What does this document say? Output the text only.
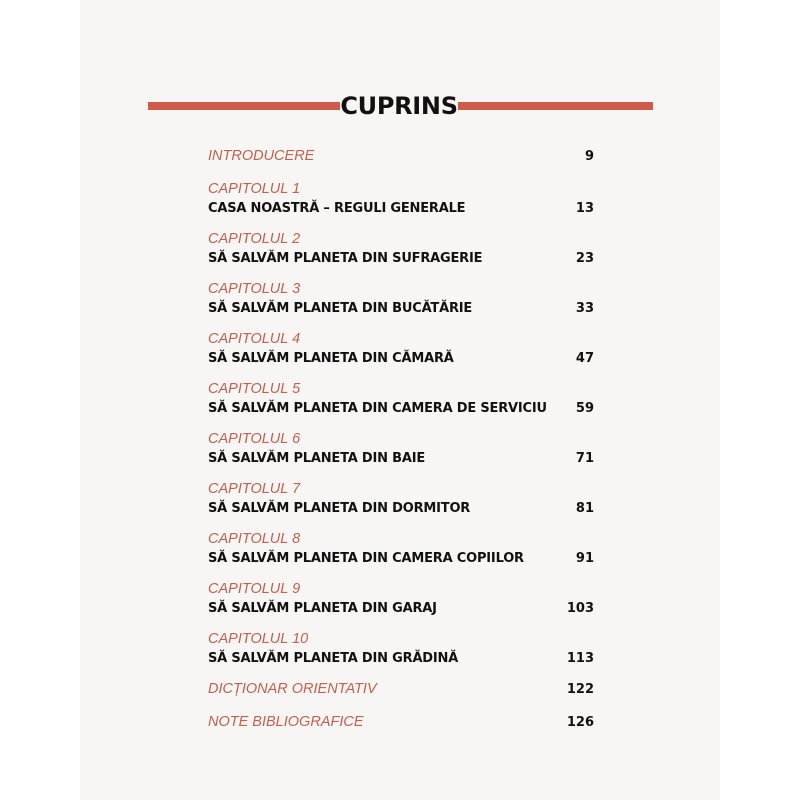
CUPRINS
INTRODUCERE	9
CAPITOLUL 1
CASA NOASTRĂ – REGULI GENERALE	13
CAPITOLUL 2
SĂ SALVĂM PLANETA DIN SUFRAGERIE	23
CAPITOLUL 3
SĂ SALVĂM PLANETA DIN BUCĂTĂRIE	33
CAPITOLUL 4
SĂ SALVĂM PLANETA DIN CĂMARĂ	47
CAPITOLUL 5
SĂ SALVĂM PLANETA DIN CAMERA DE SERVICIU 59
CAPITOLUL 6
SĂ SALVĂM PLANETA DIN BAIE	71
CAPITOLUL 7
SĂ SALVĂM PLANETA DIN DORMITOR	81
CAPITOLUL 8
SĂ SALVĂM PLANETA DIN CAMERA COPIILOR	91
CAPITOLUL 9
SĂ SALVĂM PLANETA DIN GARAJ	103
CAPITOLUL 10
SĂ SALVĂM PLANETA DIN GRĂDINĂ	113
DICȚIONAR ORIENTATIV	122
NOTE BIBLIOGRAFICE	126
